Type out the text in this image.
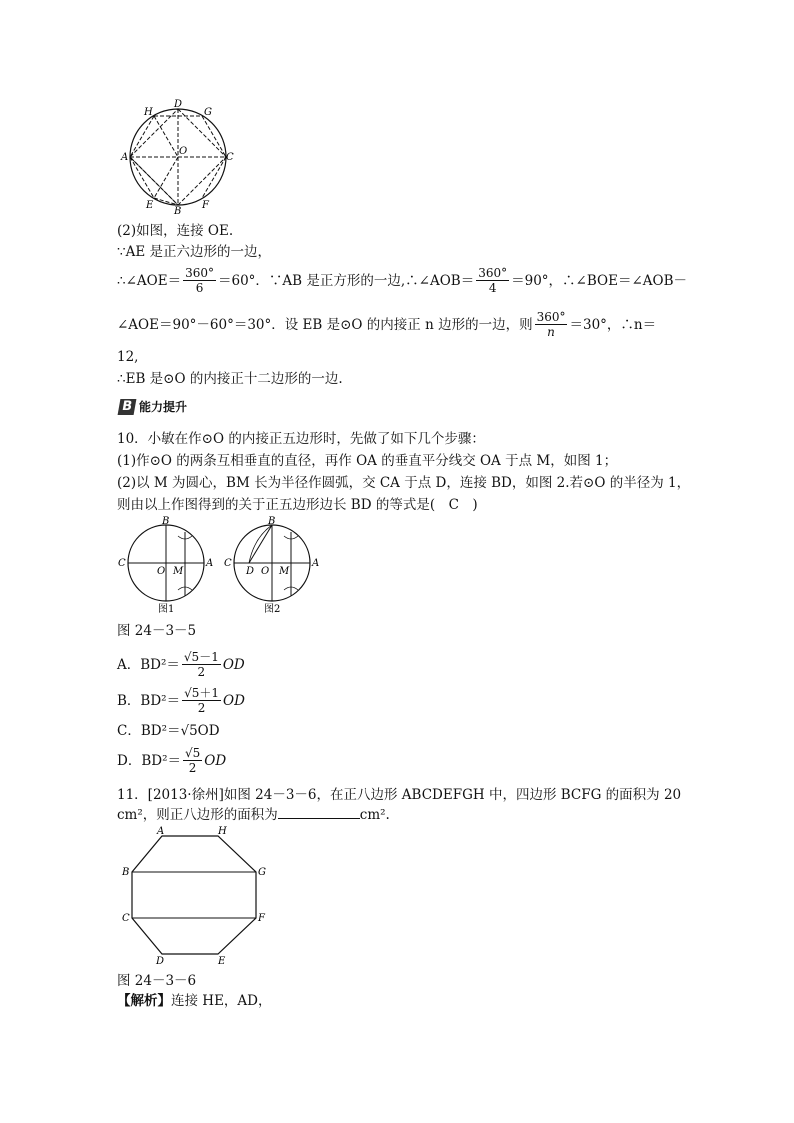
H
D
G
O
A	C
E
B
F
(2)如图，连接 OE.
∵AE 是正六边形的一边，
∴∠AOE＝ $\frac{360^\circ}{6} =60^\circ$．∵AB 是正方形的一边,∴∠AOB＝ $\frac{360^\circ}{4} =90^\circ$，∴∠BOE＝∠AOB－
∠AOE＝90°－60°＝30°．设 EB 是⊙O 的内接正 n 边形的一边，则 $\frac{360^\circ}{n} =30^\circ$，∴n＝
12,
∴EB 是⊙O 的内接正十二边形的一边.
B 能力提升
10．小敏在作⊙O 的内接正五边形时，先做了如下几个步骤：
(1)作⊙O 的两条互相垂直的直径，再作 OA 的垂直平分线交 OA 于点 M，如图 1；
(2)以 M 为圆心，BM 长为半径作圆弧，交 CA 于点 D，连接 BD，如图 2.若⊙O 的半径为 1，
则由以上作图得到的关于正五边形边长 BD 的等式是(　C　)
B
C
O M
A
图1
B
C
D O M
A
图2
图 24－3－5
A．$BD^2= \frac{√5-1}{2}$ OD
B．$BD^2= \frac{√5+1}{2}$ OD
C．BD²＝√5OD
D．$BD^2= \frac{√5}{2}$ OD
11．[2013·徐州]如图 24－3－6，在正八边形 ABCDEFGH 中，四边形 BCFG 的面积为 20
cm²，则正八边形的面积为	cm².
A	H
B	G
C	F
D	E
图 24－3－6
【解析】连接 HE，AD，
